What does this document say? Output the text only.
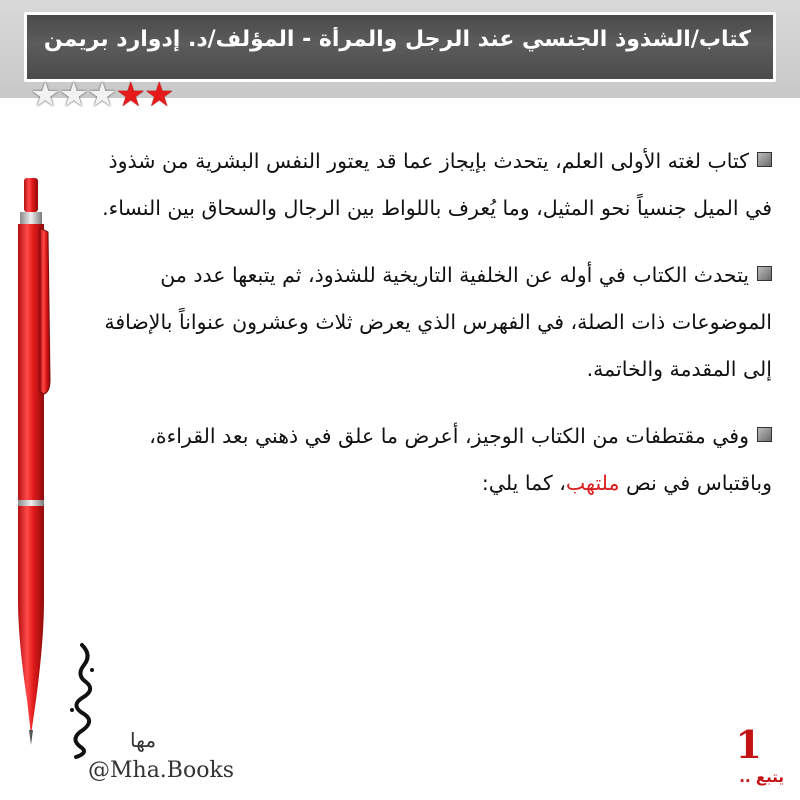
كتاب/الشذوذ الجنسي عند الرجل والمرأة - المؤلف/د. إدوارد بريمن
★★★★★

كتاب لغته الأولى العلم، يتحدث بإيجاز عما قد يعتور النفس البشرية من شذوذ في الميل جنسياً نحو المثيل، وما يُعرف باللواط بين الرجال والسحاق بين النساء.

يتحدث الكتاب في أوله عن الخلفية التاريخية للشذوذ، ثم يتبعها عدد من الموضوعات ذات الصلة، في الفهرس الذي يعرض ثلاث وعشرون عنواناً بالإضافة إلى المقدمة والخاتمة.

وفي مقتطفات من الكتاب الوجيز، أعرض ما علق في ذهني بعد القراءة، وباقتباس في نص ملتهب، كما يلي:

مها
@Mha.Books
1
يتبع ..
